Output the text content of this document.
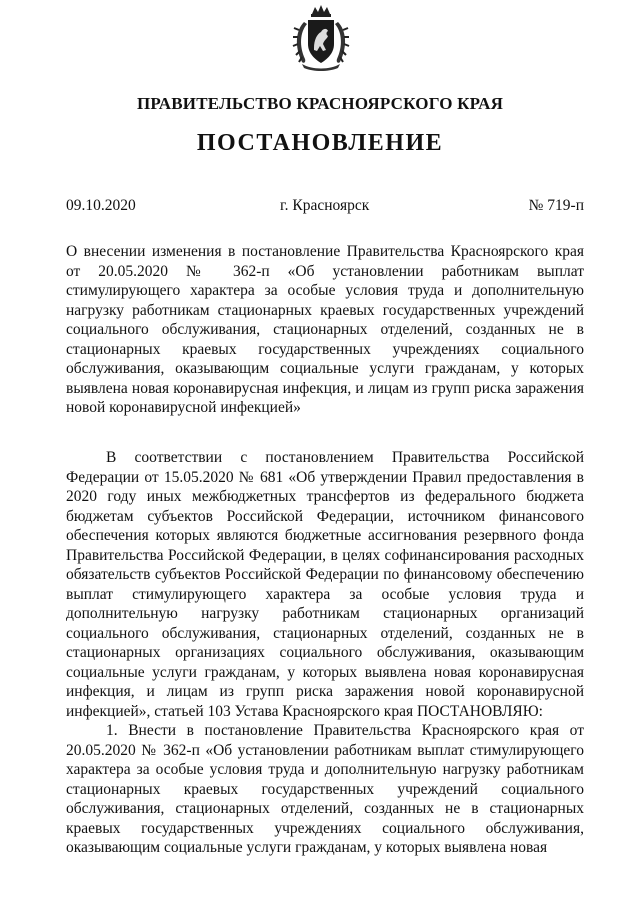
ПРАВИТЕЛЬСТВО КРАСНОЯРСКОГО КРАЯ
ПОСТАНОВЛЕНИЕ
09.10.2020	г. Красноярск	№ 719-п
О внесении изменения в постановление Правительства Красноярского края от 20.05.2020 № 362-п «Об установлении работникам выплат стимулирующего характера за особые условия труда и дополнительную нагрузку работникам стационарных краевых государственных учреждений социального обслуживания, стационарных отделений, созданных не в стационарных краевых государственных учреждениях социального обслуживания, оказывающим социальные услуги гражданам, у которых выявлена новая коронавирусная инфекция, и лицам из групп риска заражения новой коронавирусной инфекцией»

В соответствии с постановлением Правительства Российской Федерации от 15.05.2020 № 681 «Об утверждении Правил предоставления в 2020 году иных межбюджетных трансфертов из федерального бюджета бюджетам субъектов Российской Федерации, источником финансового обеспечения которых являются бюджетные ассигнования резервного фонда Правительства Российской Федерации, в целях софинансирования расходных обязательств субъектов Российской Федерации по финансовому обеспечению выплат стимулирующего характера за особые условия труда и дополнительную нагрузку работникам стационарных организаций социального обслуживания, стационарных отделений, созданных не в стационарных организациях социального обслуживания, оказывающим социальные услуги гражданам, у которых выявлена новая коронавирусная инфекция, и лицам из групп риска заражения новой коронавирусной инфекцией», статьей 103 Устава Красноярского края ПОСТАНОВЛЯЮ:

1. Внести в постановление Правительства Красноярского края от 20.05.2020 № 362-п «Об установлении работникам выплат стимулирующего характера за особые условия труда и дополнительную нагрузку работникам стационарных краевых государственных учреждений социального обслуживания, стационарных отделений, созданных не в стационарных краевых государственных учреждениях социального обслуживания, оказывающим социальные услуги гражданам, у которых выявлена новая
